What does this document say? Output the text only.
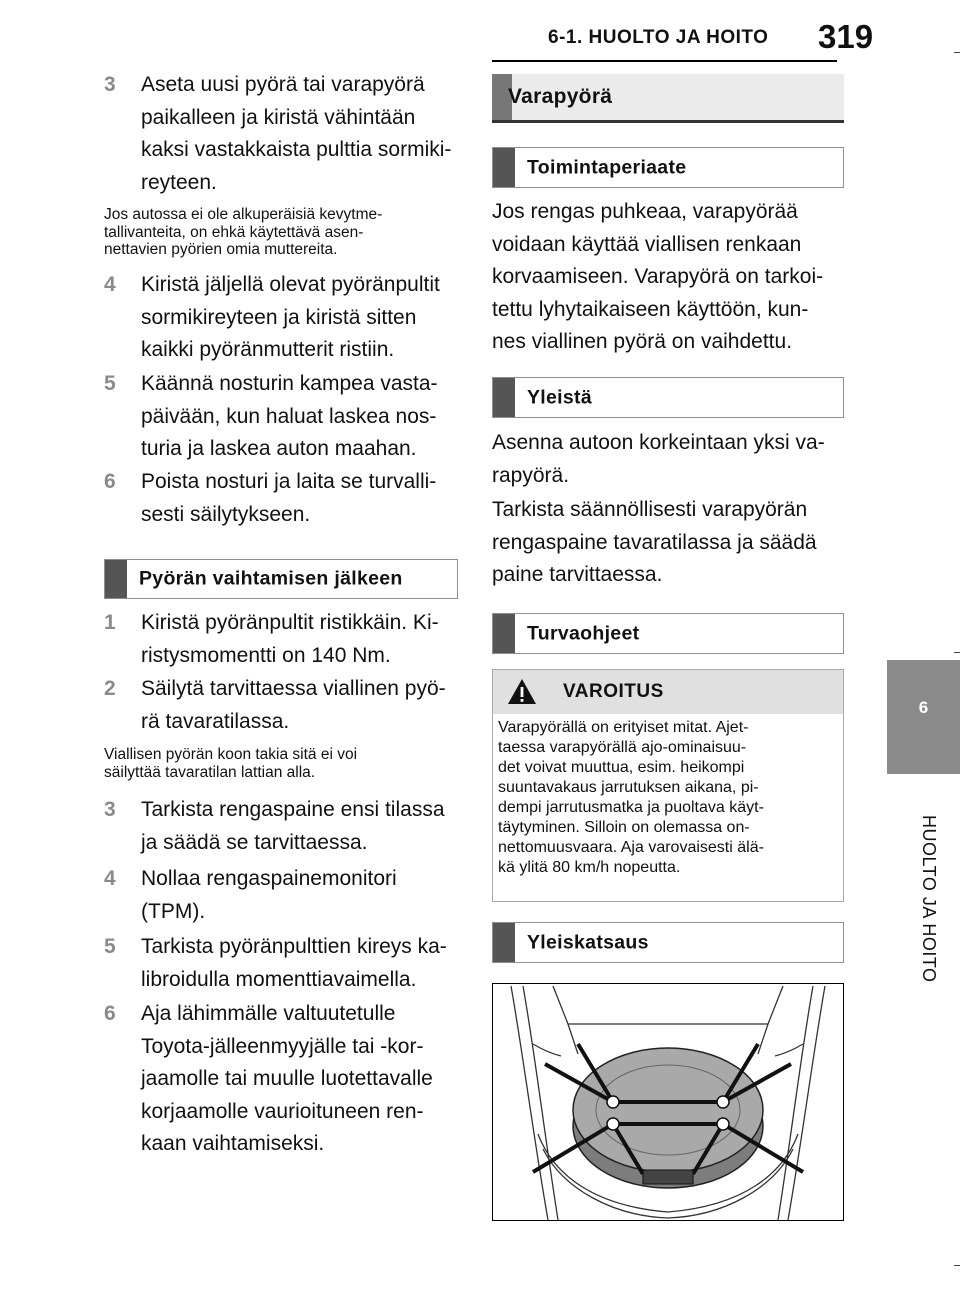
6-1. HUOLTO JA HOITO 319
6
HUOLTO JA HOITO
3	Aseta uusi pyörä tai varapyörä
paikalleen ja kiristä vähintään
kaksi vastakkaista pulttia sormiki-
reyteen.
Jos autossa ei ole alkuperäisiä kevytme-
tallivanteita, on ehkä käytettävä asen-
nettavien pyörien omia muttereita.
4	Kiristä jäljellä olevat pyöränpultit
sormikireyteen ja kiristä sitten
kaikki pyöränmutterit ristiin.
5	Käännä nosturin kampea vasta-
päivään, kun haluat laskea nos-
turia ja laskea auton maahan.
6	Poista nosturi ja laita se turvalli-
sesti säilytykseen.
Pyörän vaihtamisen jälkeen
1	Kiristä pyöränpultit ristikkäin. Ki-
ristysmomentti on 140 Nm.
2	Säilytä tarvittaessa viallinen pyö-
rä tavaratilassa.
Viallisen pyörän koon takia sitä ei voi
säilyttää tavaratilan lattian alla.
3	Tarkista rengaspaine ensi tilassa
ja säädä se tarvittaessa.
4	Nollaa rengaspainemonitori
(TPM).
5	Tarkista pyöränpulttien kireys ka-
libroidulla momenttiavaimella.
6	Aja lähimmälle valtuutetulle
Toyota-jälleenmyyjälle tai -kor-
jaamolle tai muulle luotettavalle
korjaamolle vaurioituneen ren-
kaan vaihtamiseksi.
Varapyörä
Toimintaperiaate
Jos rengas puhkeaa, varapyörää
voidaan käyttää viallisen renkaan
korvaamiseen. Varapyörä on tarkoi-
tettu lyhytaikaiseen käyttöön, kun-
nes viallinen pyörä on vaihdettu.
Yleistä
Asenna autoon korkeintaan yksi va-
rapyörä.
Tarkista säännöllisesti varapyörän
rengaspaine tavaratilassa ja säädä
paine tarvittaessa.
Turvaohjeet
VAROITUS
Varapyörällä on erityiset mitat. Ajet-
taessa varapyörällä ajo-ominaisuu-
det voivat muuttua, esim. heikompi
suuntavakaus jarrutuksen aikana, pi-
dempi jarrutusmatka ja puoltava käyt-
täytyminen. Silloin on olemassa on-
nettomuusvaara. Aja varovaisesti älä-
kä ylitä 80 km/h nopeutta.
Yleiskatsaus
